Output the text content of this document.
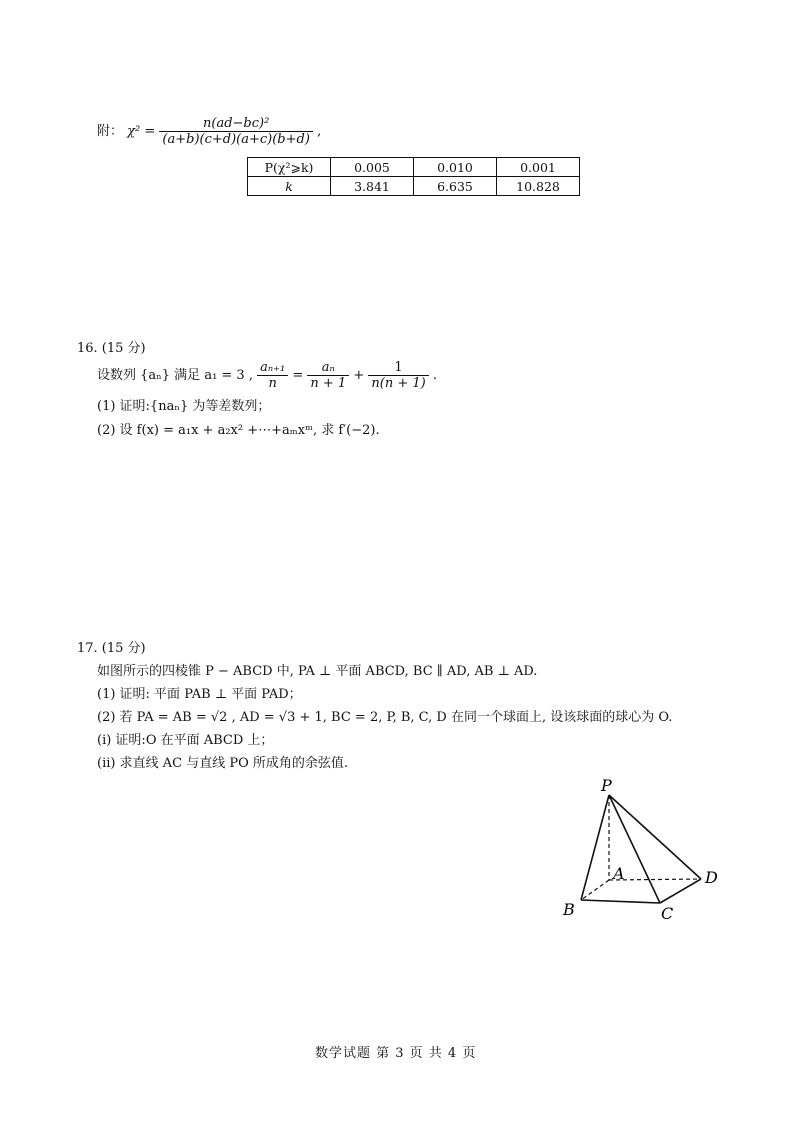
附： $\chi^2 = \frac{\text{n(ad−bc)²}}{(a+b)(c+d)(a+c)(b+d)}$ ,
P(χ²⩾k)	0.005	0.010	0.001
k	3.841	6.635	10.828
16. (15 分)
设数列 {aₙ} 满足 a₁ = 3 , $\frac{\text{aₙ₊₁}}{n} = \frac{\text{aₙ}}{n + 1} + \frac{1}{n(n + 1)}$ .
(1) 证明:{naₙ} 为等差数列；
(2) 设 f(x) = a₁x + a₂x² +⋯+aₘxᵐ, 求 f′(−2).
17. (15 分)
如图所示的四棱锥 P − ABCD 中, PA ⊥ 平面 ABCD, BC ∥ AD, AB ⊥ AD.
(1) 证明: 平面 PAB ⊥ 平面 PAD；
(2) 若 PA = AB = √2 , AD = √3 + 1, BC = 2, P, B, C, D 在同一个球面上, 设该球面的球心为 O.
(i) 证明:O 在平面 ABCD 上；
(ii) 求直线 AC 与直线 PO 所成角的余弦值.
P
A
B	C
D
数学试题 第 3 页 共 4 页
